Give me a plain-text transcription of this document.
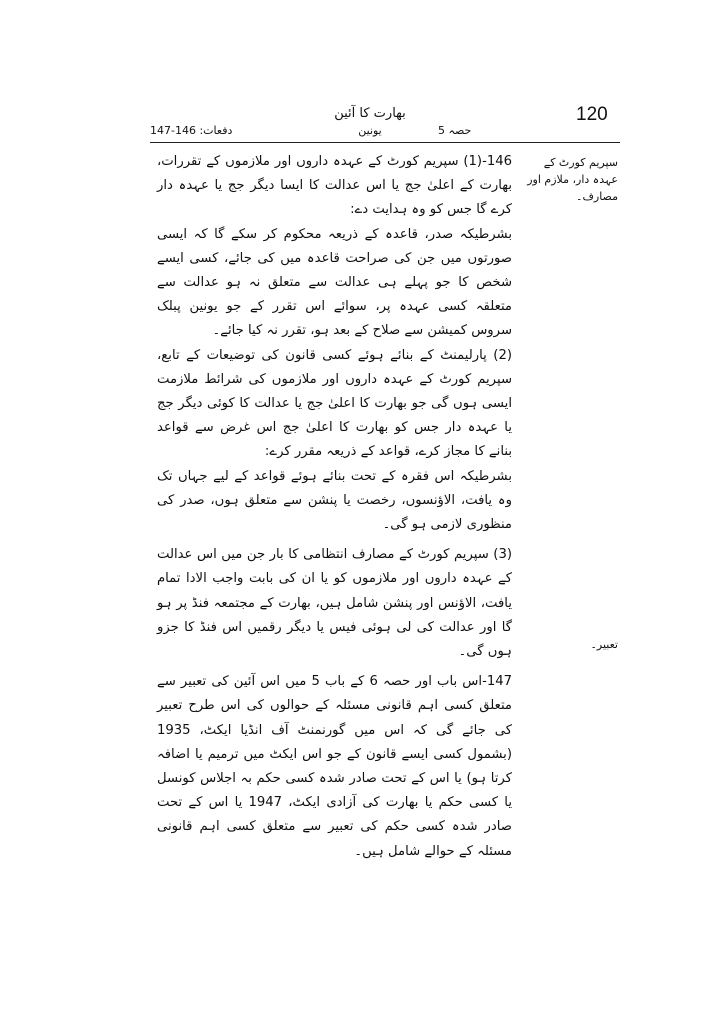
120
بھارت کا آئین
یونین	حصہ 5
دفعات: 146-147
سپریم کورٹ کے عہدہ دار، ملازم اور مصارف۔
تعبیر۔

146-(1) سپریم کورٹ کے عہدہ داروں اور ملازموں کے تقررات، بھارت کے اعلیٰ جج یا اس عدالت کا ایسا دیگر جج یا عہدہ دار کرے گا جس کو وہ ہدایت دے:

بشرطیکہ صدر، قاعدہ کے ذریعہ محکوم کر سکے گا کہ ایسی صورتوں میں جن کی صراحت قاعدہ میں کی جائے، کسی ایسے شخص کا جو پہلے ہی عدالت سے متعلق نہ ہو عدالت سے متعلقہ کسی عہدہ پر، سوائے اس تقرر کے جو یونین پبلک سروس کمیشن سے صلاح کے بعد ہو، تقرر نہ کیا جائے۔

(2) پارلیمنٹ کے بنائے ہوئے کسی قانون کی توضیعات کے تابع، سپریم کورٹ کے عہدہ داروں اور ملازموں کی شرائط ملازمت ایسی ہوں گی جو بھارت کا اعلیٰ جج یا عدالت کا کوئی دیگر جج یا عہدہ دار جس کو بھارت کا اعلیٰ جج اس غرض سے قواعد بنانے کا مجاز کرے، قواعد کے ذریعہ مقرر کرے:

بشرطیکہ اس فقرہ کے تحت بنائے ہوئے قواعد کے لیے جہاں تک وہ یافت، الاؤنسوں، رخصت یا پنشن سے متعلق ہوں، صدر کی منظوری لازمی ہو گی۔

(3) سپریم کورٹ کے مصارف انتظامی کا بار جن میں اس عدالت کے عہدہ داروں اور ملازموں کو یا ان کی بابت واجب الادا تمام یافت، الاؤنس اور پنشن شامل ہیں، بھارت کے مجتمعہ فنڈ پر ہو گا اور عدالت کی لی ہوئی فیس یا دیگر رقمیں اس فنڈ کا جزو ہوں گی۔

147-اس باب اور حصہ 6 کے باب 5 میں اس آئین کی تعبیر سے متعلق کسی اہم قانونی مسئلہ کے حوالوں کی اس طرح تعبیر کی جائے گی کہ اس میں گورنمنٹ آف انڈیا ایکٹ، 1935 (بشمول کسی ایسے قانون کے جو اس ایکٹ میں ترمیم یا اضافہ کرتا ہو) یا اس کے تحت صادر شدہ کسی حکم بہ اجلاس کونسل یا کسی حکم یا بھارت کی آزادی ایکٹ، 1947 یا اس کے تحت صادر شدہ کسی حکم کی تعبیر سے متعلق کسی اہم قانونی مسئلہ کے حوالے شامل ہیں۔
